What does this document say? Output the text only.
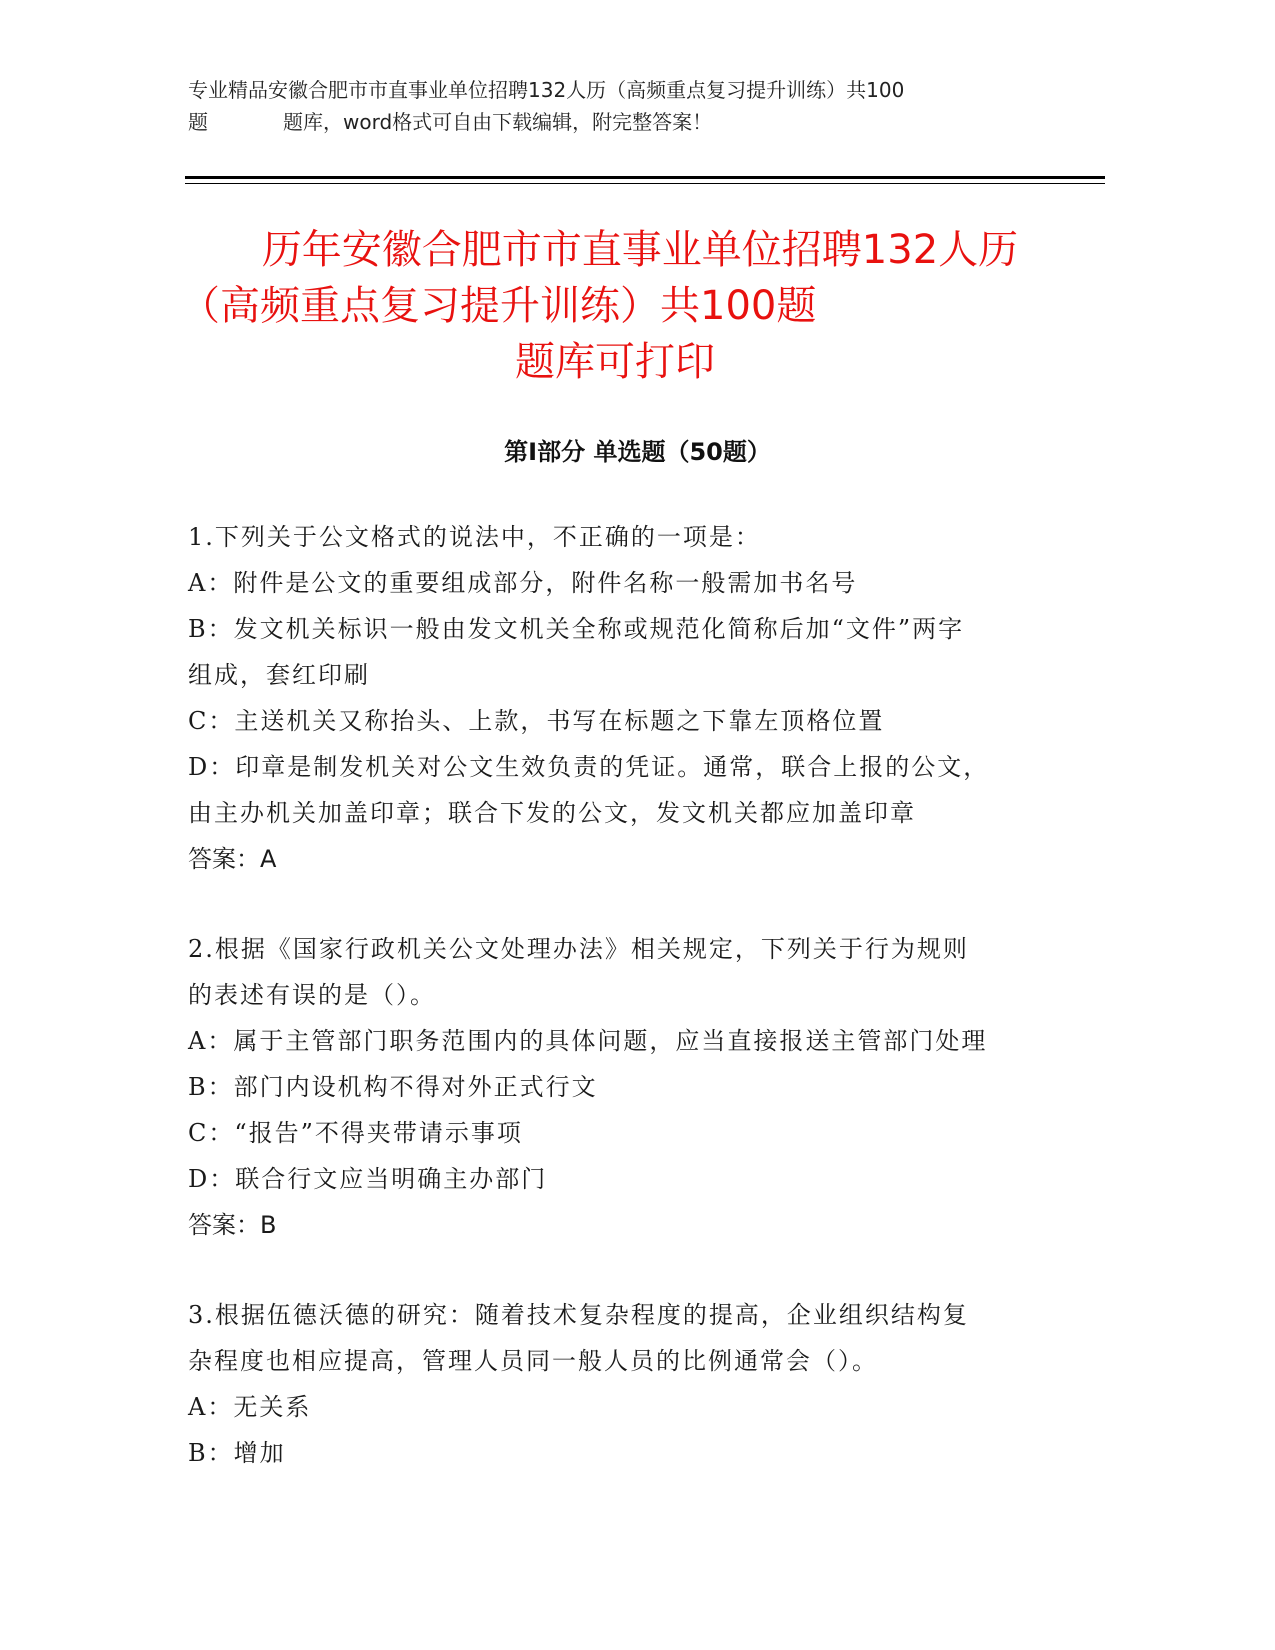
专业精品安徽合肥市市直事业单位招聘132人历（高频重点复习提升训练）共100
题	题库，word格式可自由下载编辑，附完整答案！
历年安徽合肥市市直事业单位招聘132人历
（高频重点复习提升训练）共100题
题库可打印
第Ⅰ部分 单选题（50题）
1.下列关于公文格式的说法中，不正确的一项是：
A：附件是公文的重要组成部分，附件名称一般需加书名号
B：发文机关标识一般由发文机关全称或规范化简称后加“文件”两字
组成，套红印刷
C：主送机关又称抬头、上款，书写在标题之下靠左顶格位置
D：印章是制发机关对公文生效负责的凭证。通常，联合上报的公文，
由主办机关加盖印章；联合下发的公文，发文机关都应加盖印章
答案：A
2.根据《国家行政机关公文处理办法》相关规定，下列关于行为规则
的表述有误的是（）。
A：属于主管部门职务范围内的具体问题，应当直接报送主管部门处理
B：部门内设机构不得对外正式行文
C：“报告”不得夹带请示事项
D：联合行文应当明确主办部门
答案：B
3.根据伍德沃德的研究：随着技术复杂程度的提高，企业组织结构复
杂程度也相应提高，管理人员同一般人员的比例通常会（）。
A：无关系
B：增加
